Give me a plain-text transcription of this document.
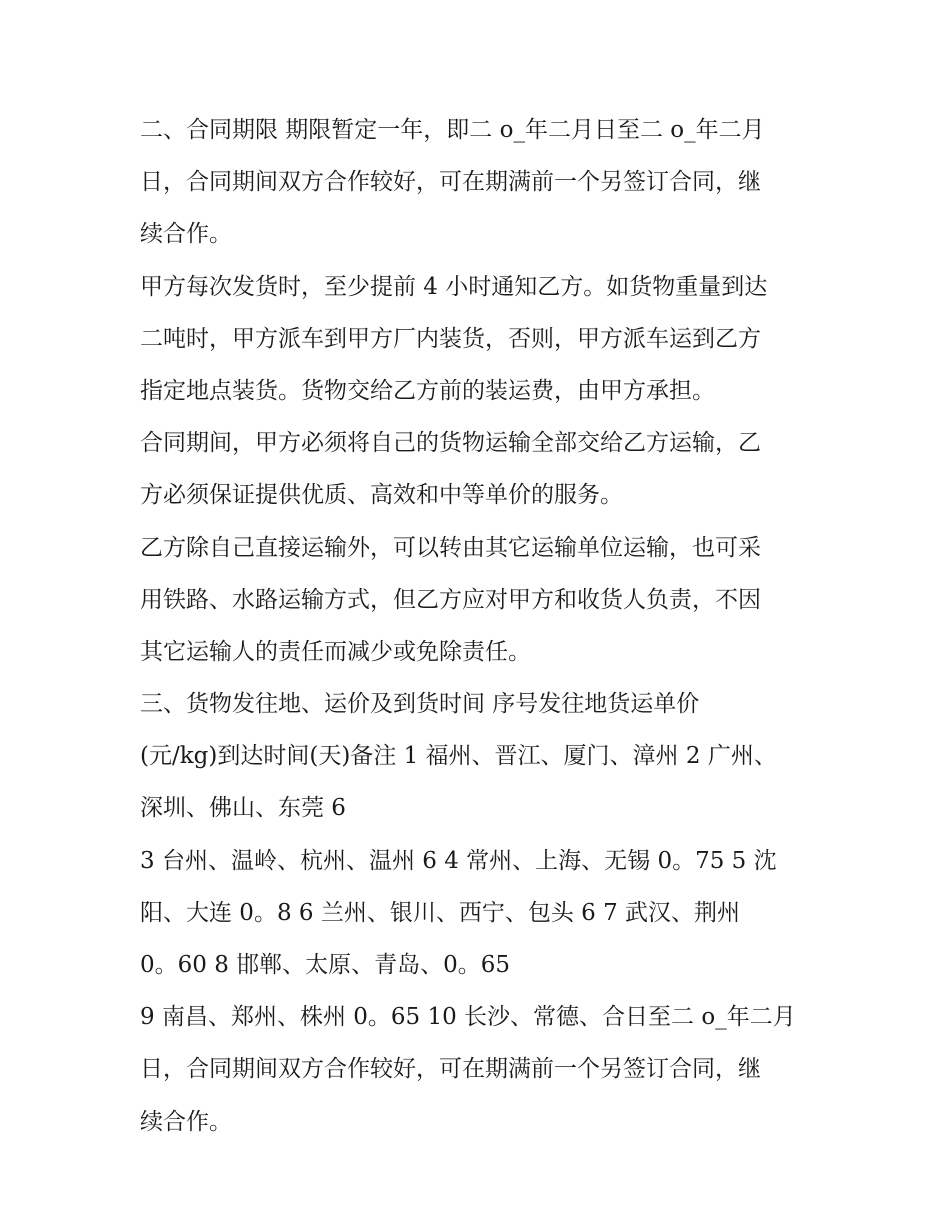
二、合同期限 期限暂定一年，即二 o_年二月日至二 o_年二月
日，合同期间双方合作较好，可在期满前一个另签订合同，继
续合作。
甲方每次发货时，至少提前 4 小时通知乙方。如货物重量到达
二吨时，甲方派车到甲方厂内装货，否则，甲方派车运到乙方
指定地点装货。货物交给乙方前的装运费，由甲方承担。
合同期间，甲方必须将自己的货物运输全部交给乙方运输，乙
方必须保证提供优质、高效和中等单价的服务。
乙方除自己直接运输外，可以转由其它运输单位运输，也可采
用铁路、水路运输方式，但乙方应对甲方和收货人负责，不因
其它运输人的责任而减少或免除责任。
三、货物发往地、运价及到货时间 序号发往地货运单价
(元/kg)到达时间(天)备注 1 福州、晋江、厦门、漳州 2 广州、
深圳、佛山、东莞 6
3 台州、温岭、杭州、温州 6 4 常州、上海、无锡 0。75 5 沈
阳、大连 0。8 6 兰州、银川、西宁、包头 6 7 武汉、荆州
0。60 8 邯郸、太原、青岛、0。65
9 南昌、郑州、株州 0。65 10 长沙、常德、合日至二 o_年二月
日，合同期间双方合作较好，可在期满前一个另签订合同，继
续合作。
